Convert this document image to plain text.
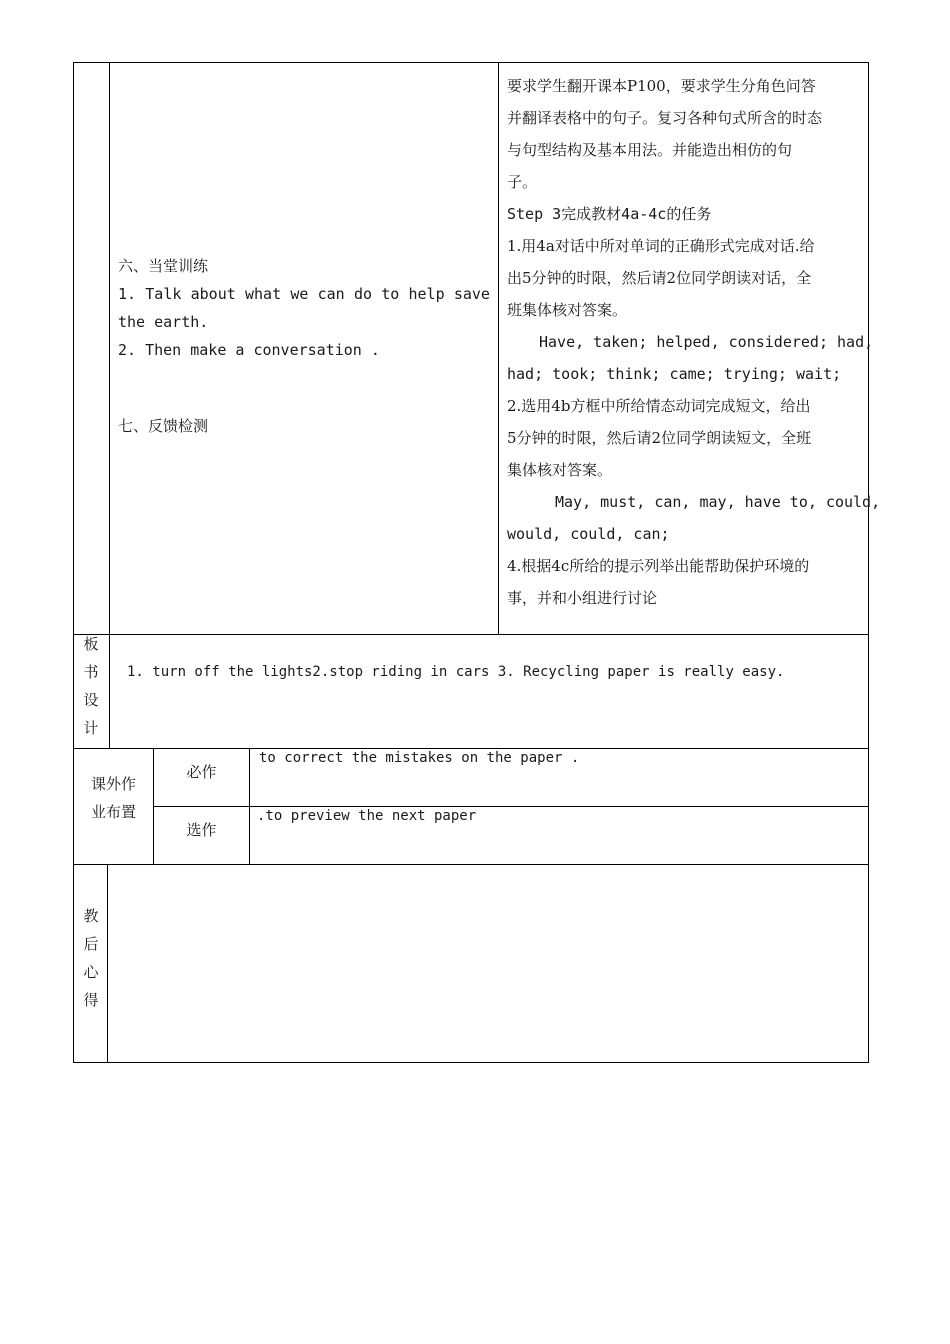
六、当堂训练
1. Talk about what we can do to help save
the earth.
2. Then make a conversation .
七、反馈检测
要求学生翻开课本P100，要求学生分角色问答
并翻译表格中的句子。复习各种句式所含的时态
与句型结构及基本用法。并能造出相仿的句
子。
Step 3完成教材4a-4c的任务
1.用4a对话中所对单词的正确形式完成对话.给
出5分钟的时限，然后请2位同学朗读对话，全
班集体核对答案。
Have, taken; helped, considered; had,
had; took; think; came; trying; wait;
2.选用4b方框中所给情态动词完成短文，给出
5分钟的时限，然后请2位同学朗读短文，全班
集体核对答案。
May, must, can, may, have to, could,
would, could, can;
4.根据4c所给的提示列举出能帮助保护环境的
事，并和小组进行讨论
板
书
设
计
1. turn off the lights2.stop riding in cars 3. Recycling paper is really easy.
课外作
业布置
必作
to correct the mistakes on the paper .
选作
.to preview the next paper
教
后
心
得
